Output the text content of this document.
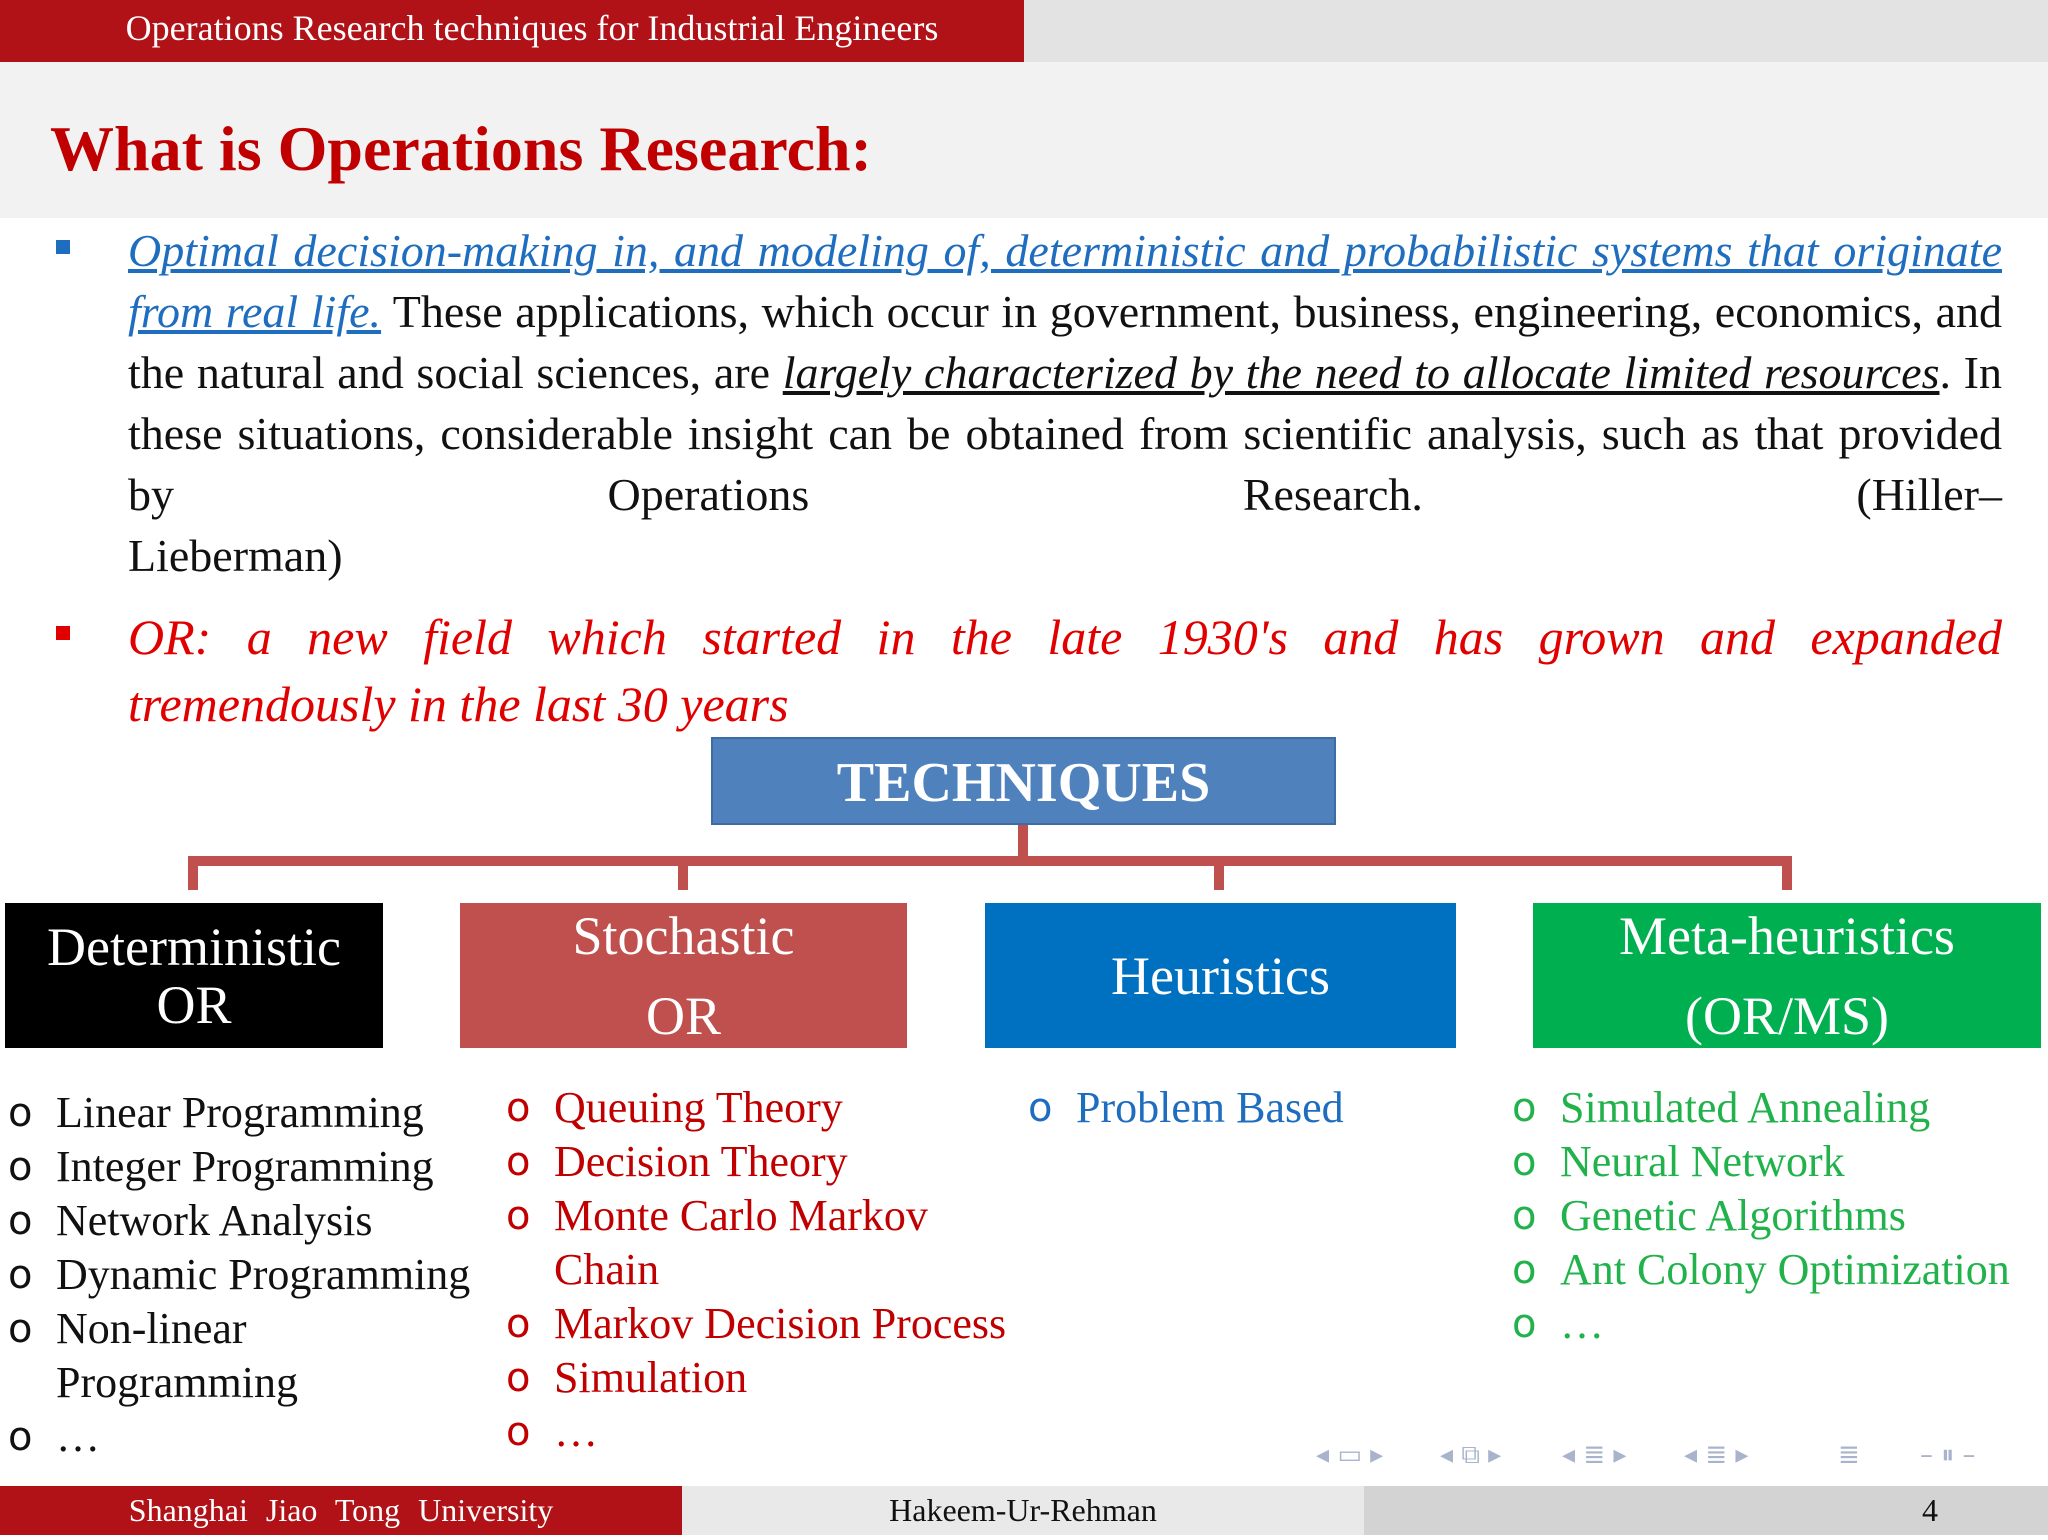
Operations Research techniques for Industrial Engineers
What is Operations Research:

Optimal decision-making in, and modeling of, deterministic and probabilistic systems that originate from real life. These applications, which occur in government, business, engineering, economics, and the natural and social sciences, are largely characterized by the need to allocate limited resources. In these situations, considerable insight can be obtained from scientific analysis, such as that provided by Operations Research. (Hiller–
Lieberman)

OR: a new field which started in the late 1930's and has grown and expanded
tremendously in the last 30 years

TECHNIQUES
Deterministic
OR
Stochastic
OR
Heuristics
Meta-heuristics
(OR/MS)
o Linear Programming
o Integer Programming
o Network Analysis
o Dynamic Programming
o Non-linear Programming
o …
o Queuing Theory
o Decision Theory
o Monte Carlo Markov Chain
o Markov Decision Process
o Simulation
o …
o Problem Based	o Simulated Annealing
o Neural Network
o Genetic Algorithms
o Ant Colony Optimization
o …
◂ ▭ ▸ ◂ ⧉ ▸ ◂ ≣ ▸ ◂ ≣ ▸	≣ – ⏸ –
Shanghai Jiao Tong University	Hakeem-Ur-Rehman	4
